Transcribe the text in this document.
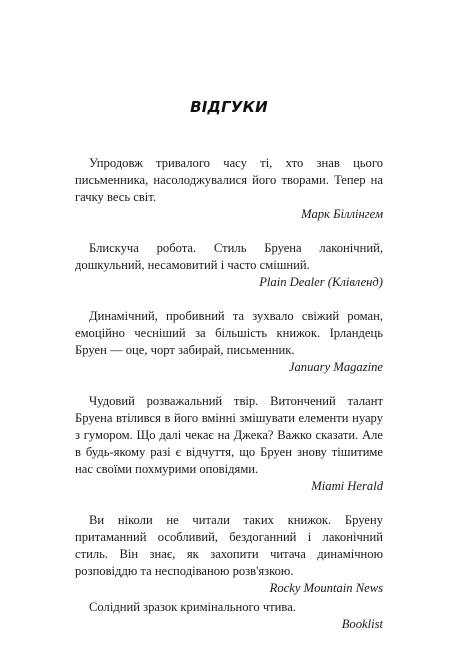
ВІДГУКИ

Упродовж тривалого часу ті, хто знав цього письменника, насолоджувалися його творами. Тепер на гачку весь світ.

Марк Біллінгем

Блискуча робота. Стиль Бруена лаконічний, дошкульний, несамовитий і часто смішний.

Plain Dealer (Клівленд)

Динамічний, пробивний та зухвало свіжий роман, емоційно чесніший за більшість книжок. Ірландець Бруен — оце, чорт забирай, письменник.

January Magazine

Чудовий розважальний твір. Витончений талант Бруена втілився в його вмінні змішувати елементи нуару з гумором. Що далі чекає на Джека? Важко сказати. Але в будь-якому разі є відчуття, що Бруен знову тішитиме нас своїми похмурими оповідями.

Miami Herald

Ви ніколи не читали таких книжок. Бруену притаманний особливий, бездоганний і лаконічний стиль. Він знає, як захопити читача динамічною розповіддю та несподіваною розв'язкою.

Rocky Mountain News

Солідний зразок кримінального чтива.

Booklist
